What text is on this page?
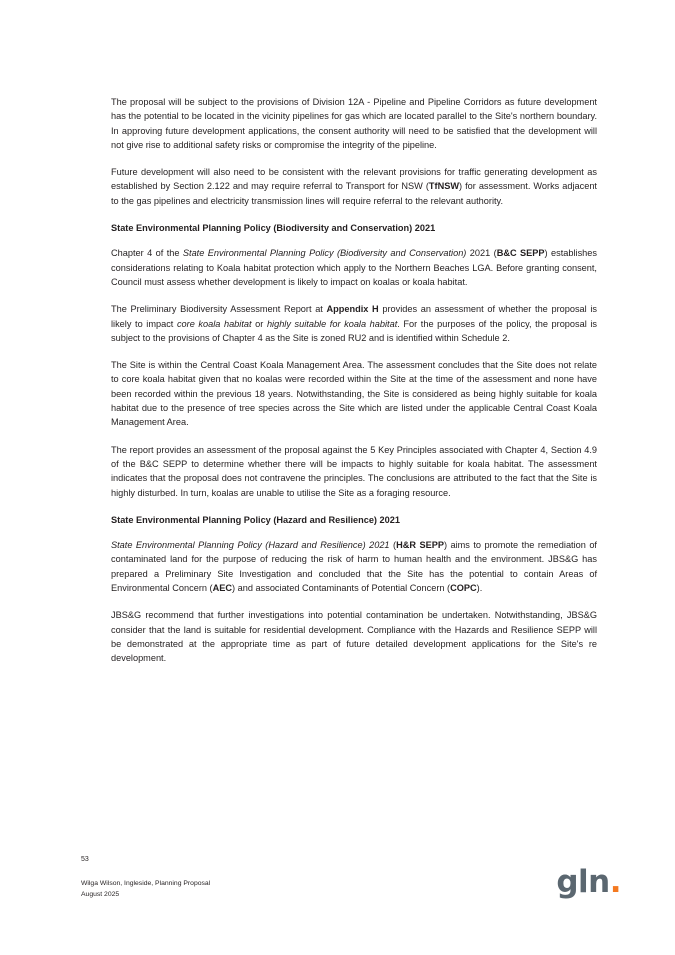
The proposal will be subject to the provisions of Division 12A - Pipeline and Pipeline Corridors as future development has the potential to be located in the vicinity pipelines for gas which are located parallel to the Site's northern boundary. In approving future development applications, the consent authority will need to be satisfied that the development will not give rise to additional safety risks or compromise the integrity of the pipeline.

Future development will also need to be consistent with the relevant provisions for traffic generating development as established by Section 2.122 and may require referral to Transport for NSW (TfNSW) for assessment. Works adjacent to the gas pipelines and electricity transmission lines will require referral to the relevant authority.

State Environmental Planning Policy (Biodiversity and Conservation) 2021

Chapter 4 of the State Environmental Planning Policy (Biodiversity and Conservation) 2021 (B&C SEPP) establishes considerations relating to Koala habitat protection which apply to the Northern Beaches LGA. Before granting consent, Council must assess whether development is likely to impact on koalas or koala habitat.

The Preliminary Biodiversity Assessment Report at Appendix H provides an assessment of whether the proposal is likely to impact core koala habitat or highly suitable for koala habitat. For the purposes of the policy, the proposal is subject to the provisions of Chapter 4 as the Site is zoned RU2 and is identified within Schedule 2.

The Site is within the Central Coast Koala Management Area. The assessment concludes that the Site does not relate to core koala habitat given that no koalas were recorded within the Site at the time of the assessment and none have been recorded within the previous 18 years. Notwithstanding, the Site is considered as being highly suitable for koala habitat due to the presence of tree species across the Site which are listed under the applicable Central Coast Koala Management Area.

The report provides an assessment of the proposal against the 5 Key Principles associated with Chapter 4, Section 4.9 of the B&C SEPP to determine whether there will be impacts to highly suitable for koala habitat. The assessment indicates that the proposal does not contravene the principles. The conclusions are attributed to the fact that the Site is highly disturbed. In turn, koalas are unable to utilise the Site as a foraging resource.

State Environmental Planning Policy (Hazard and Resilience) 2021

State Environmental Planning Policy (Hazard and Resilience) 2021 (H&R SEPP) aims to promote the remediation of contaminated land for the purpose of reducing the risk of harm to human health and the environment. JBS&G has prepared a Preliminary Site Investigation and concluded that the Site has the potential to contain Areas of Environmental Concern (AEC) and associated Contaminants of Potential Concern (COPC).

JBS&G recommend that further investigations into potential contamination be undertaken. Notwithstanding, JBS&G consider that the land is suitable for residential development. Compliance with the Hazards and Resilience SEPP will be demonstrated at the appropriate time as part of future detailed development applications for the Site's re development.

53
Wilga Wilson, Ingleside, Planning Proposal
August 2025	gln.
